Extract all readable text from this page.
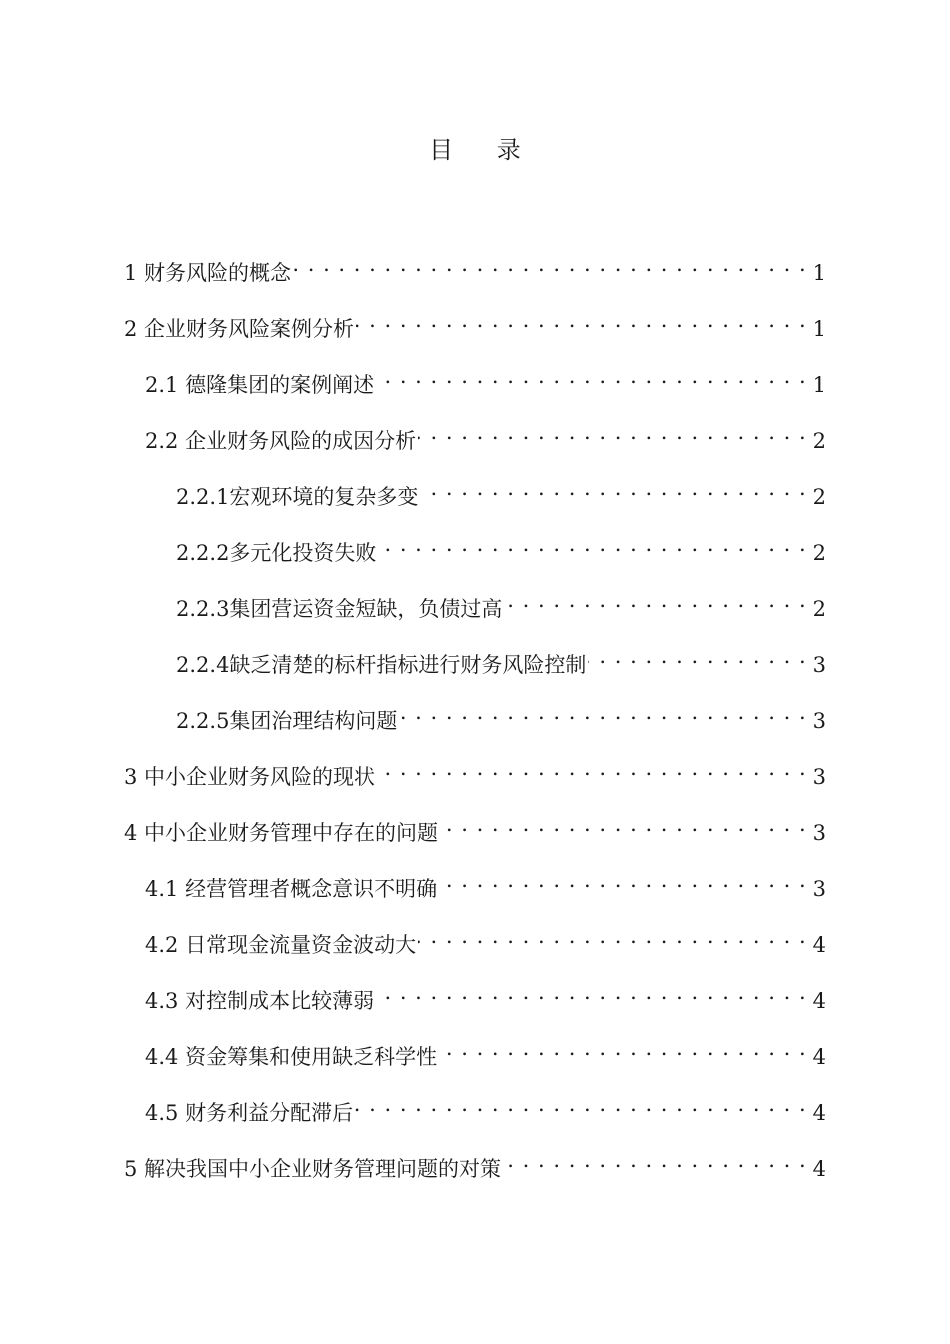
目 录
1 财务风险的概念 . . .	1
2 企业财务风险案例分析 . . .	1
2.1 德隆集团的案例阐述 . . .	1
2.2 企业财务风险的成因分析 . . .	2
2.2.1宏观环境的复杂多变 . . .	2
2.2.2多元化投资失败 . . .	2
2.2.3集团营运资金短缺，负债过高 . . .	2
2.2.4缺乏清楚的标杆指标进行财务风险控制 . . .	3
2.2.5集团治理结构问题 . . .	3
3 中小企业财务风险的现状 . . .	3
4 中小企业财务管理中存在的问题 . . .	3
4.1 经营管理者概念意识不明确 . . .	3
4.2 日常现金流量资金波动大 . . .	4
4.3 对控制成本比较薄弱 . . .	4
4.4 资金筹集和使用缺乏科学性 . . .	4
4.5 财务利益分配滞后 . . .	4
5 解决我国中小企业财务管理问题的对策 . . .	4
